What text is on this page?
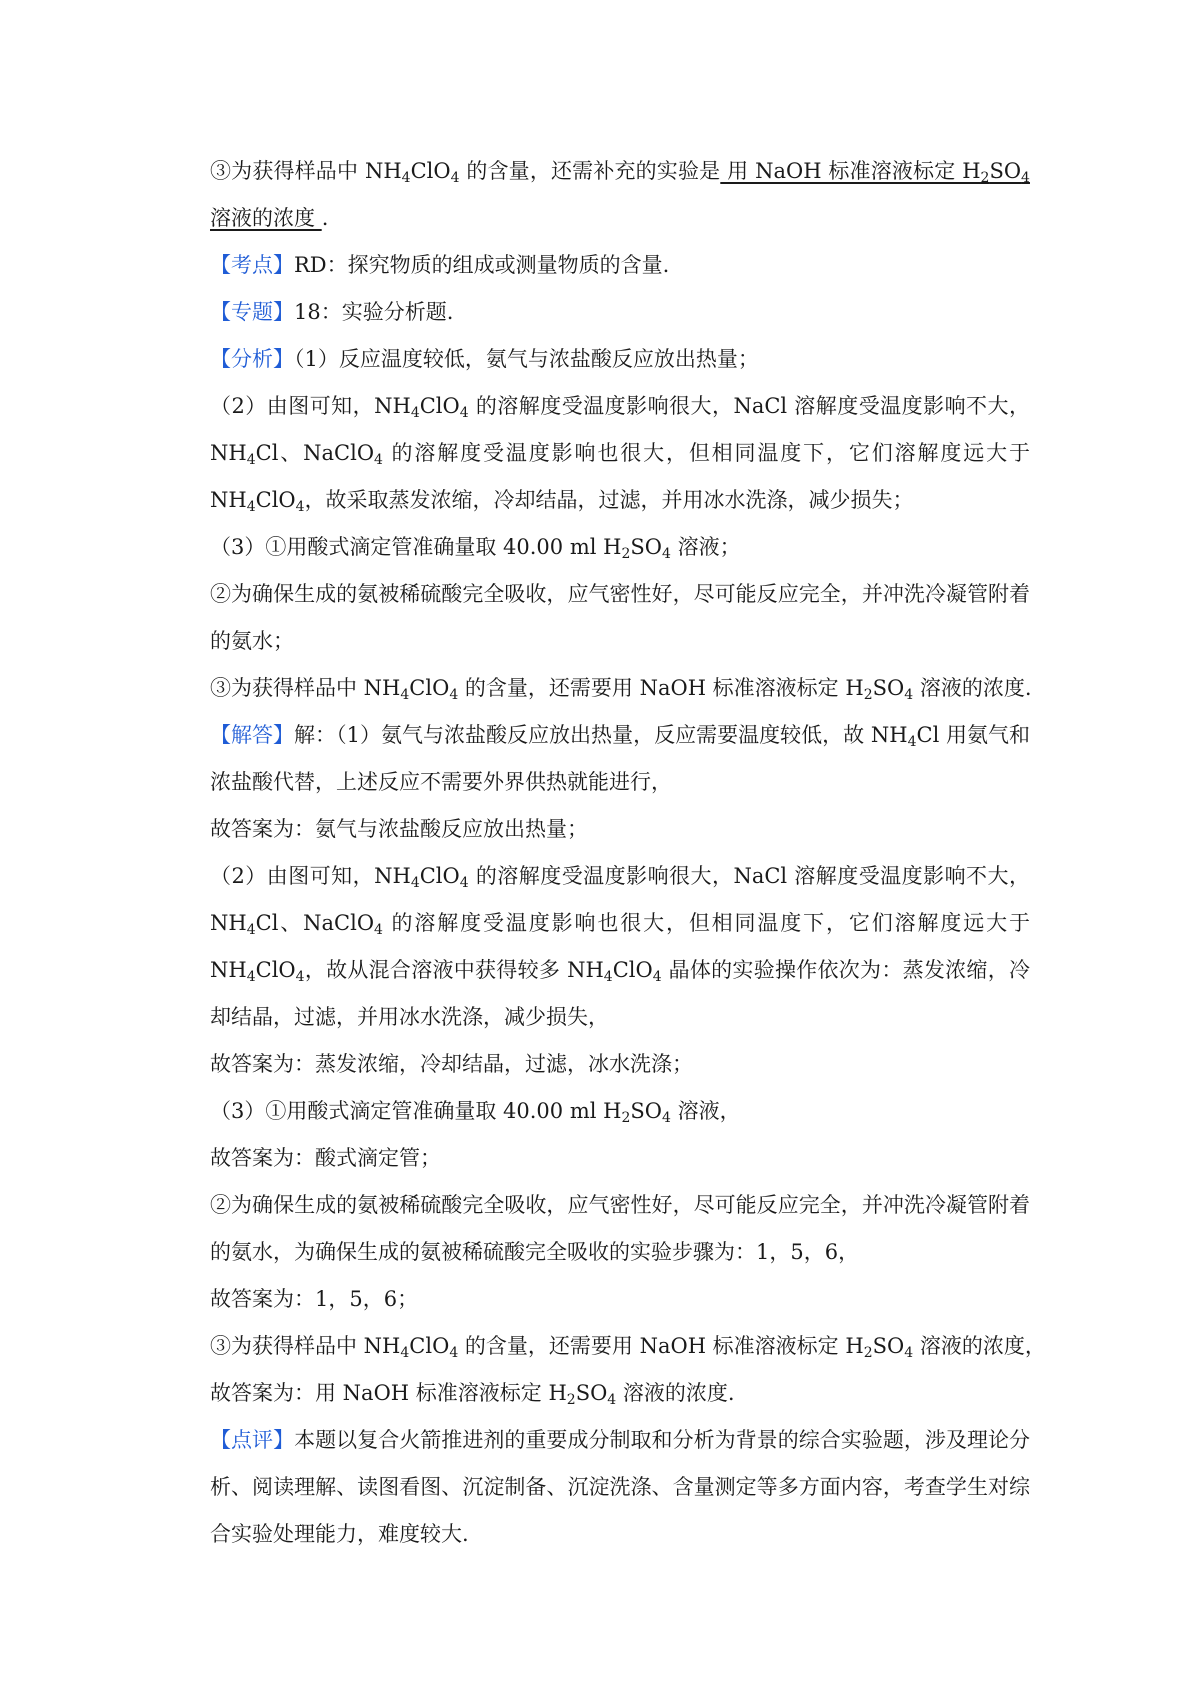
③为获得样品中 $NH_4ClO_4$ 的含量，还需补充的实验是 用 NaOH 标准溶液标定 $H_2SO_4$溶液的浓度 .

【考点】RD：探究物质的组成或测量物质的含量.

【专题】18：实验分析题.

【分析】（1）反应温度较低，氨气与浓盐酸反应放出热量；

（2）由图可知，$NH_4ClO_4$ 的溶解度受温度影响很大，NaCl 溶解度受温度影响不大，$NH_4Cl$、NaClO$_4$ 的溶解度受温度影响也很大，但相同温度下，它们溶解度远大于 $NH_4ClO_4$，故采取蒸发浓缩，冷却结晶，过滤，并用冰水洗涤，减少损失；

（3）①用酸式滴定管准确量取 40.00 ml $H_2SO_4$ 溶液；

②为确保生成的氨被稀硫酸完全吸收，应气密性好，尽可能反应完全，并冲洗冷凝管附着的氨水；

③为获得样品中 $NH_4ClO_4$ 的含量，还需要用 NaOH 标准溶液标定 $H_2SO_4$ 溶液的浓度.

【解答】解：（1）氨气与浓盐酸反应放出热量，反应需要温度较低，故 $NH_4Cl$ 用氨气和浓盐酸代替，上述反应不需要外界供热就能进行，

故答案为：氨气与浓盐酸反应放出热量；

（2）由图可知，$NH_4ClO_4$ 的溶解度受温度影响很大，NaCl 溶解度受温度影响不大，$NH_4Cl$、NaClO$_4$ 的溶解度受温度影响也很大，但相同温度下，它们溶解度远大于 $NH_4ClO_4$，故从混合溶液中获得较多 $NH_4ClO_4$ 晶体的实验操作依次为：蒸发浓缩，冷却结晶，过滤，并用冰水洗涤，减少损失，

故答案为：蒸发浓缩，冷却结晶，过滤，冰水洗涤；

（3）①用酸式滴定管准确量取 40.00 ml $H_2SO_4$ 溶液，

故答案为：酸式滴定管；

②为确保生成的氨被稀硫酸完全吸收，应气密性好，尽可能反应完全，并冲洗冷凝管附着的氨水，为确保生成的氨被稀硫酸完全吸收的实验步骤为：1，5，6，

故答案为：1，5，6；

③为获得样品中 $NH_4ClO_4$ 的含量，还需要用 NaOH 标准溶液标定 $H_2SO_4$ 溶液的浓度，

故答案为：用 NaOH 标准溶液标定 $H_2SO_4$ 溶液的浓度.

【点评】本题以复合火箭推进剂的重要成分制取和分析为背景的综合实验题，涉及理论分析、阅读理解、读图看图、沉淀制备、沉淀洗涤、含量测定等多方面内容，考查学生对综合实验处理能力，难度较大.
